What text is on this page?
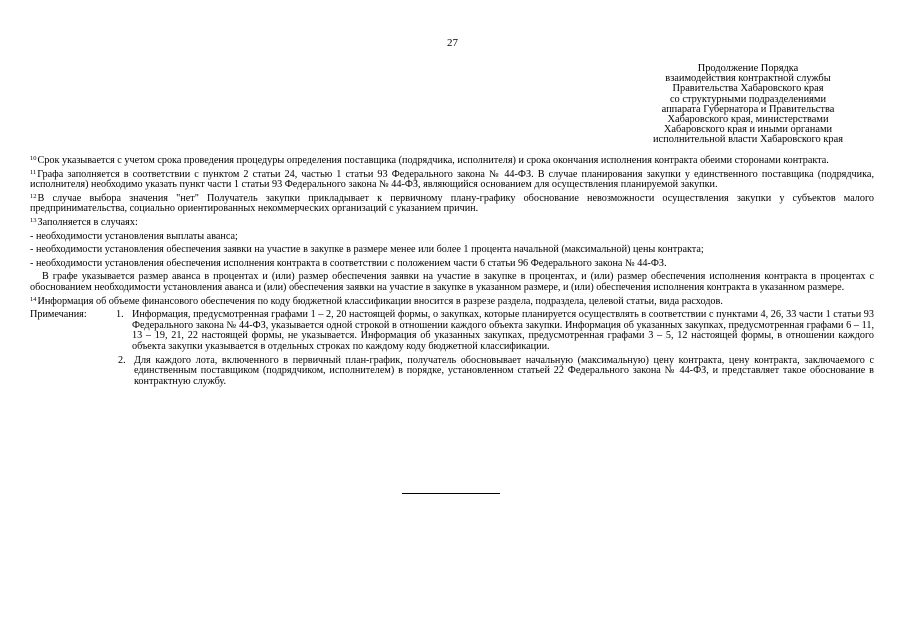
27
Продолжение Порядка
взаимодействия контрактной службы
Правительства Хабаровского края
со структурными подразделениями
аппарата Губернатора и Правительства
Хабаровского края, министерствами
Хабаровского края и иными органами
исполнительной власти Хабаровского края

$^{10}$Срок указывается с учетом срока проведения процедуры определения поставщика (подрядчика, исполнителя) и срока окончания исполнения контракта обеими сторонами контракта.

$^{11}$Графа заполняется в соответствии с пунктом 2 статьи 24, частью 1 статьи 93 Федерального закона № 44-ФЗ. В случае планирования закупки у единственного поставщика (подрядчика, исполнителя) необходимо указать пункт части 1 статьи 93 Федерального закона № 44-ФЗ, являющийся основанием для осуществления планируемой закупки.

$^{12}$В случае выбора значения "нет" Получатель закупки прикладывает к первичному плану-графику обоснование невозможности осуществления закупки у субъектов малого предпринимательства, социально ориентированных некоммерческих организаций с указанием причин.

$^{13}$Заполняется в случаях:

- необходимости установления выплаты аванса;

- необходимости установления обеспечения заявки на участие в закупке в размере менее или более 1 процента начальной (максимальной) цены контракта;

- необходимости установления обеспечения исполнения контракта в соответствии с положением части 6 статьи 96 Федерального закона № 44-ФЗ.

В графе указывается размер аванса в процентах и (или) размер обеспечения заявки на участие в закупке в процентах, и (или) размер обеспечения исполнения контракта в процентах с обоснованием необходимости установления аванса и (или) обеспечения заявки на участие в закупке в указанном размере, и (или) обеспечения исполнения контракта в указанном размере.

$^{14}$Информация об объеме финансового обеспечения по коду бюджетной классификации вносится в разрезе раздела, подраздела, целевой статьи, вида расходов.

Примечания:	1. Информация, предусмотренная графами 1 – 2, 20 настоящей формы, о закупках, которые планируется осуществлять в соответствии с пунктами 4, 26, 33 части 1 статьи 93 Федерального закона № 44-ФЗ, указывается одной строкой в отношении каждого объекта закупки. Информация об указанных закупках, предусмотренная графами 6 – 11, 13 – 19, 21, 22 настоящей формы, не указывается. Информация об указанных закупках, предусмотренная графами 3 – 5, 12 настоящей формы, в отношении каждого объекта закупки указывается в отдельных строках по каждому коду бюджетной классификации.
2. Для каждого лота, включенного в первичный план-график, получатель обосновывает начальную (максимальную) цену контракта, цену контракта, заключаемого с единственным поставщиком (подрядчиком, исполнителем) в порядке, установленном статьей 22 Федерального закона № 44-ФЗ, и представляет такое обоснование в контрактную службу.
